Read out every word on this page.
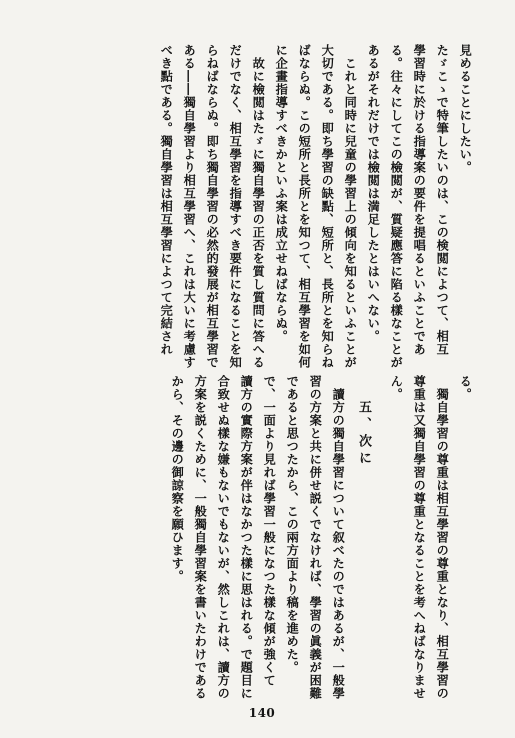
見めることにしたい。
たゞこゝで特筆したいのは、この検閲によつて、相互
學習時に於ける指導案の要件を提唱るといふことであ
る。往々にしてこの檢閲が、質疑應答に陷る樣なことが
あるがそれだけでは檢閲は満足したとはいへない。
　これと同時に兒童の學習上の傾向を知るといふことが
大切である。即ち學習の缺點、短所と、長所とを知らね
ばならぬ。この短所と長所とを知つて、相互學習を如何
に企畫指導すべきかといふ案は成立せねばならぬ。
　故に檢閲はたゞに獨自學習の正否を質し質問に答へる
だけでなく、相互學習を指導すべき要件になることを知
らねばならぬ。即ち獨自學習の必然的發展が相互學習で
ある――獨自學習より相互學習へ、これは大いに考慮す
べき點である。獨自學習は相互學習によつて完結され
る。
　獨自學習の尊重は相互學習の尊重となり、相互學習の
尊重は又獨自學習の尊重となることを考へねばなりませ
ん。
五、次に
　讀方の獨自學習について叙べたのではあるが、一般學
習の方案と共に併せ説くでなければ、學習の眞義が困難
であると思つたから、この兩方面より稿を進めた。
で、一面より見れば學習一般になつた樣な傾が強くて
讀方の實際方案が伴はなかつた樣に思はれる。で題目に
合致せぬ樣な嫌もないでもないが、然しこれは、讀方の
方案を説くために、一般獨自學習案を書いたわけである
から、その邊の御諒察を願ひます。
140
